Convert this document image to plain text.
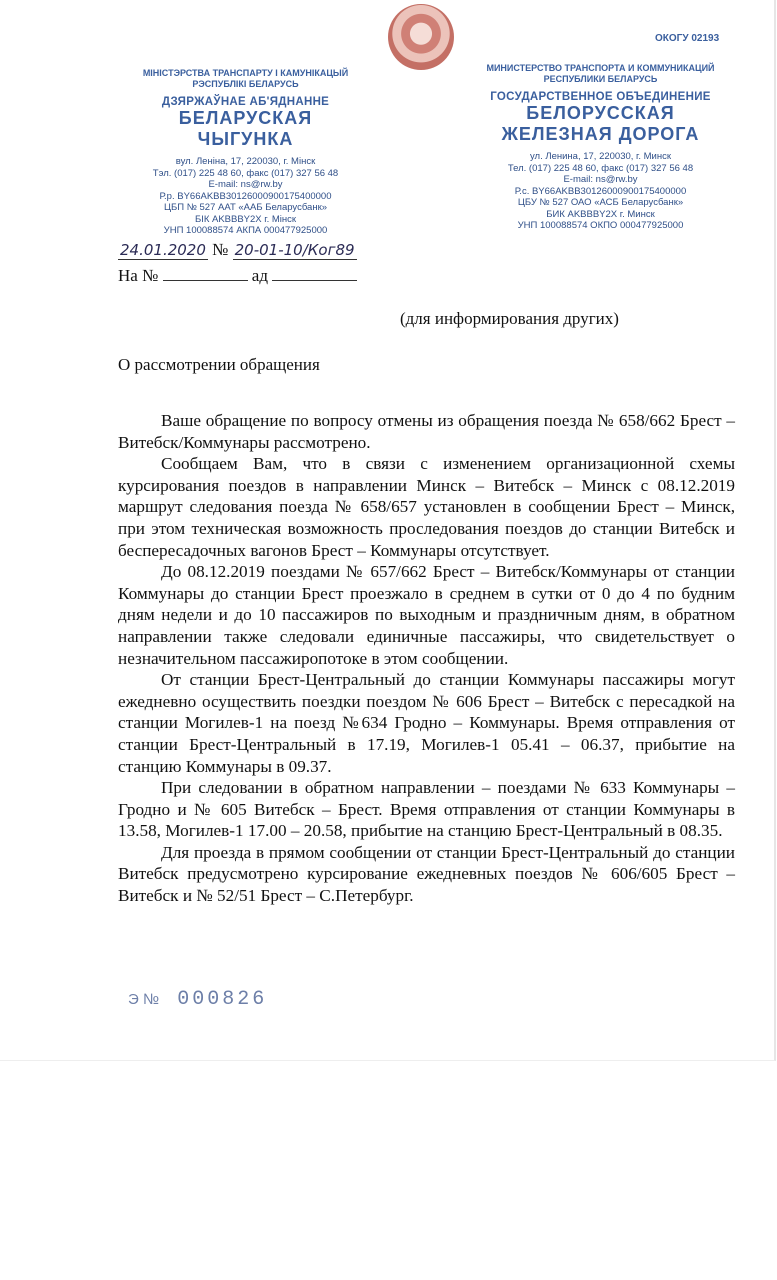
ОКОГУ 02193
МІНІСТЭРСТВА ТРАНСПАРТУ І КАМУНІКАЦЫЙ
РЭСПУБЛІКІ БЕЛАРУСЬ
ДЗЯРЖАЎНАЕ АБ'ЯДНАННЕ
БЕЛАРУСКАЯ
ЧЫГУНКА
вул. Леніна, 17, 220030, г. Мінск
Тэл. (017) 225 48 60, факс (017) 327 56 48
E-mail: ns@rw.by
Р.р. BY66AKBB30126000900175400000
ЦБП № 527 ААТ «ААБ Беларусбанк»
БІК AKBBBY2X г. Мінск
УНП 100088574 АКПА 000477925000
МИНИСТЕРСТВО ТРАНСПОРТА И КОММУНИКАЦИЙ
РЕСПУБЛИКИ БЕЛАРУСЬ
ГОСУДАРСТВЕННОЕ ОБЪЕДИНЕНИЕ
БЕЛОРУССКАЯ
ЖЕЛЕЗНАЯ ДОРОГА
ул. Ленина, 17, 220030, г. Минск
Тел. (017) 225 48 60, факс (017) 327 56 48
E-mail: ns@rw.by
Р.с. BY66AKBB30126000900175400000
ЦБУ № 527 ОАО «АСБ Беларусбанк»
БИК AKBBBY2X г. Минск
УНП 100088574 ОКПО 000477925000
24.01.2020 № 20-01-10/Ког89
На №	ад
(для информирования других)
О рассмотрении обращения

Ваше обращение по вопросу отмены из обращения поезда № 658/662 Брест – Витебск/Коммунары рассмотрено.

Сообщаем Вам, что в связи с изменением организационной схемы курсирования поездов в направлении Минск – Витебск – Минск с 08.12.2019 маршрут следования поезда № 658/657 установлен в сообщении Брест – Минск, при этом техническая возможность проследования поездов до станции Витебск и беспересадочных вагонов Брест – Коммунары отсутствует.

До 08.12.2019 поездами № 657/662 Брест – Витебск/Коммунары от станции Коммунары до станции Брест проезжало в среднем в сутки от 0 до 4 по будним дням недели и до 10 пассажиров по выходным и праздничным дням, в обратном направлении также следовали единичные пассажиры, что свидетельствует о незначительном пассажиропотоке в этом сообщении.

От станции Брест-Центральный до станции Коммунары пассажиры могут ежедневно осуществить поездки поездом № 606 Брест – Витебск с пересадкой на станции Могилев-1 на поезд №634 Гродно – Коммунары. Время отправления от станции Брест-Центральный в 17.19, Могилев-1 05.41 – 06.37, прибытие на станцию Коммунары в 09.37.

При следовании в обратном направлении – поездами № 633 Коммунары – Гродно и № 605 Витебск – Брест. Время отправления от станции Коммунары в 13.58, Могилев-1 17.00 – 20.58, прибытие на станцию Брест-Центральный в 08.35.

Для проезда в прямом сообщении от станции Брест-Центральный до станции Витебск предусмотрено курсирование ежедневных поездов № 606/605 Брест – Витебск и № 52/51 Брест – С.Петербург.

Э № 000826
